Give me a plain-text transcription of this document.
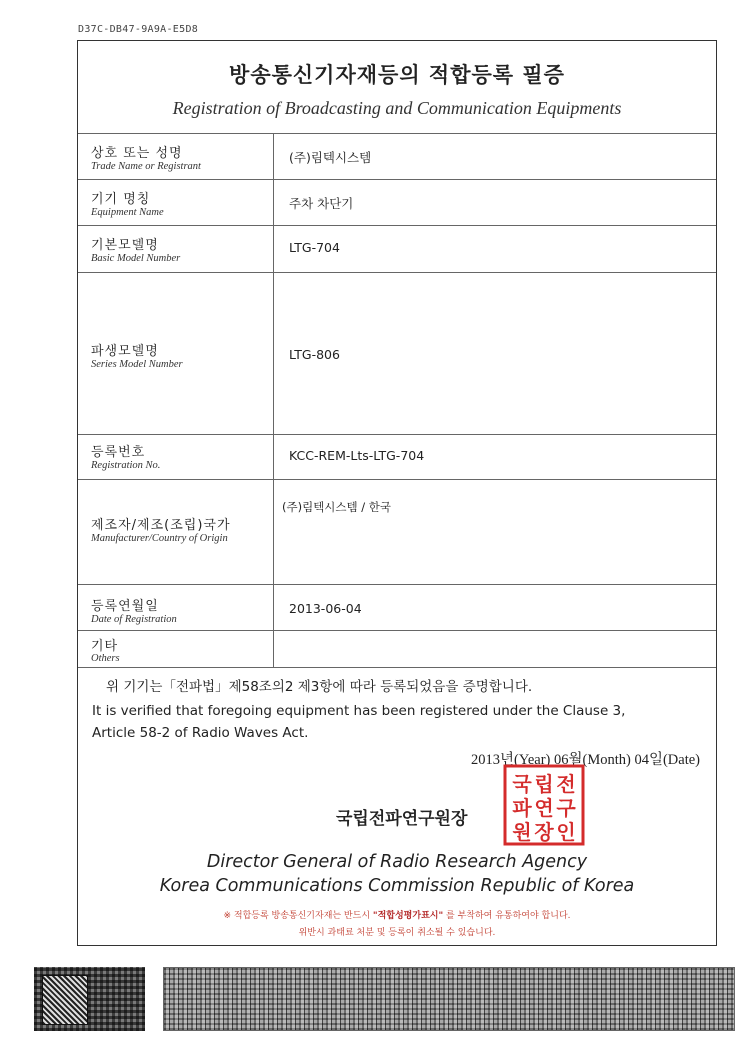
D37C-DB47-9A9A-E5D8
방송통신기자재등의 적합등록 필증
Registration of Broadcasting and Communication Equipments
상호 또는 성명
Trade Name or Registrant
(주)림텍시스템
기기 명칭
Equipment Name
주차 차단기
기본모델명
Basic Model Number
LTG-704
파생모델명
Series Model Number
LTG-806
등록번호
Registration No.
KCC-REM-Lts-LTG-704
제조자/제조(조립)국가
Manufacturer/Country of Origin
(주)림텍시스템 / 한국
등록연월일
Date of Registration
2013-06-04
기타
Others
위 기기는「전파법」제58조의2 제3항에 따라 등록되었음을 증명합니다.
It is verified that foregoing equipment has been registered under the Clause 3,
Article 58-2 of Radio Waves Act.
2013년(Year) 06월(Month) 04일(Date)
국립전파연구원장
국 립 전
파 연 구
원 장 인
Director General of Radio Research Agency
Korea Communications Commission Republic of Korea
※ 적합등록 방송통신기자재는 반드시 "적합성평가표시" 를 부착하여 유통하여야 합니다.
위반시 과태료 처분 및 등록이 취소될 수 있습니다.
